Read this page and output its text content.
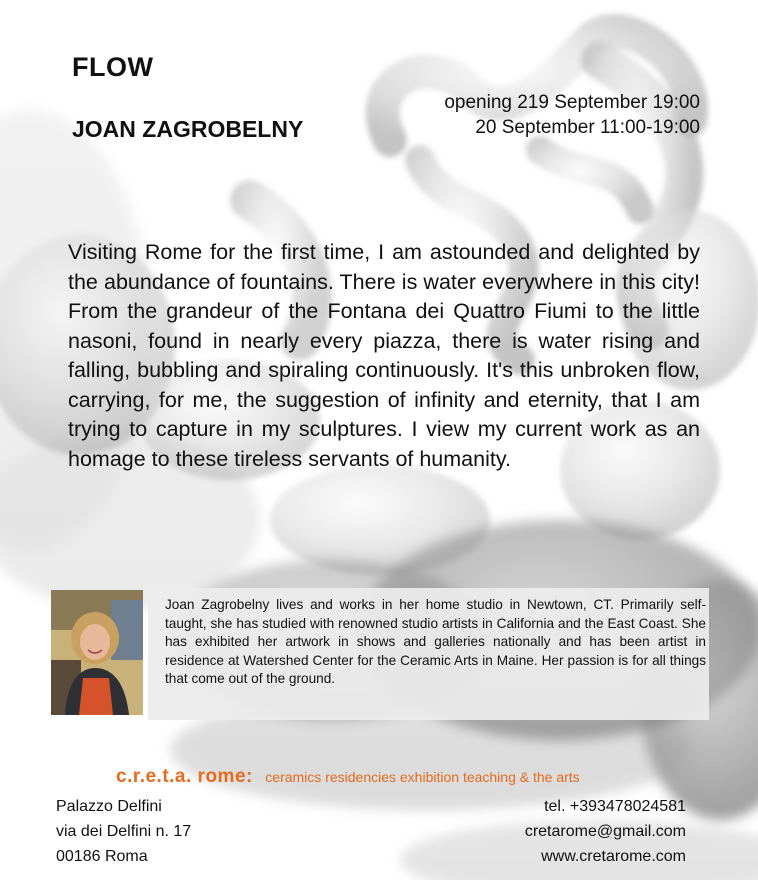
FLOW
JOAN ZAGROBELNY
opening 219 September 19:00
20 September 11:00-19:00
Visiting Rome for the first time, I am astounded and delighted by the abundance of fountains. There is water everywhere in this city! From the grandeur of the Fontana dei Quattro Fiumi to the little nasoni, found in nearly every piazza, there is water rising and falling, bubbling and spiraling continuously. It's this unbroken flow, carrying, for me, the suggestion of infinity and eternity, that I am trying to capture in my sculptures. I view my current work as an homage to these tireless servants of humanity.
Joan Zagrobelny lives and works in her home studio in Newtown, CT. Primarily self-taught, she has studied with renowned studio artists in California and the East Coast. She has exhibited her artwork in shows and galleries nationally and has been artist in residence at Watershed Center for the Ceramic Arts in Maine. Her passion is for all things that come out of the ground.
c.r.e.t.a. rome: ceramics residencies exhibition teaching & the arts
Palazzo Delfini
via dei Delfini n. 17
00186 Roma
tel. +393478024581
cretarome@gmail.com
www.cretarome.com
